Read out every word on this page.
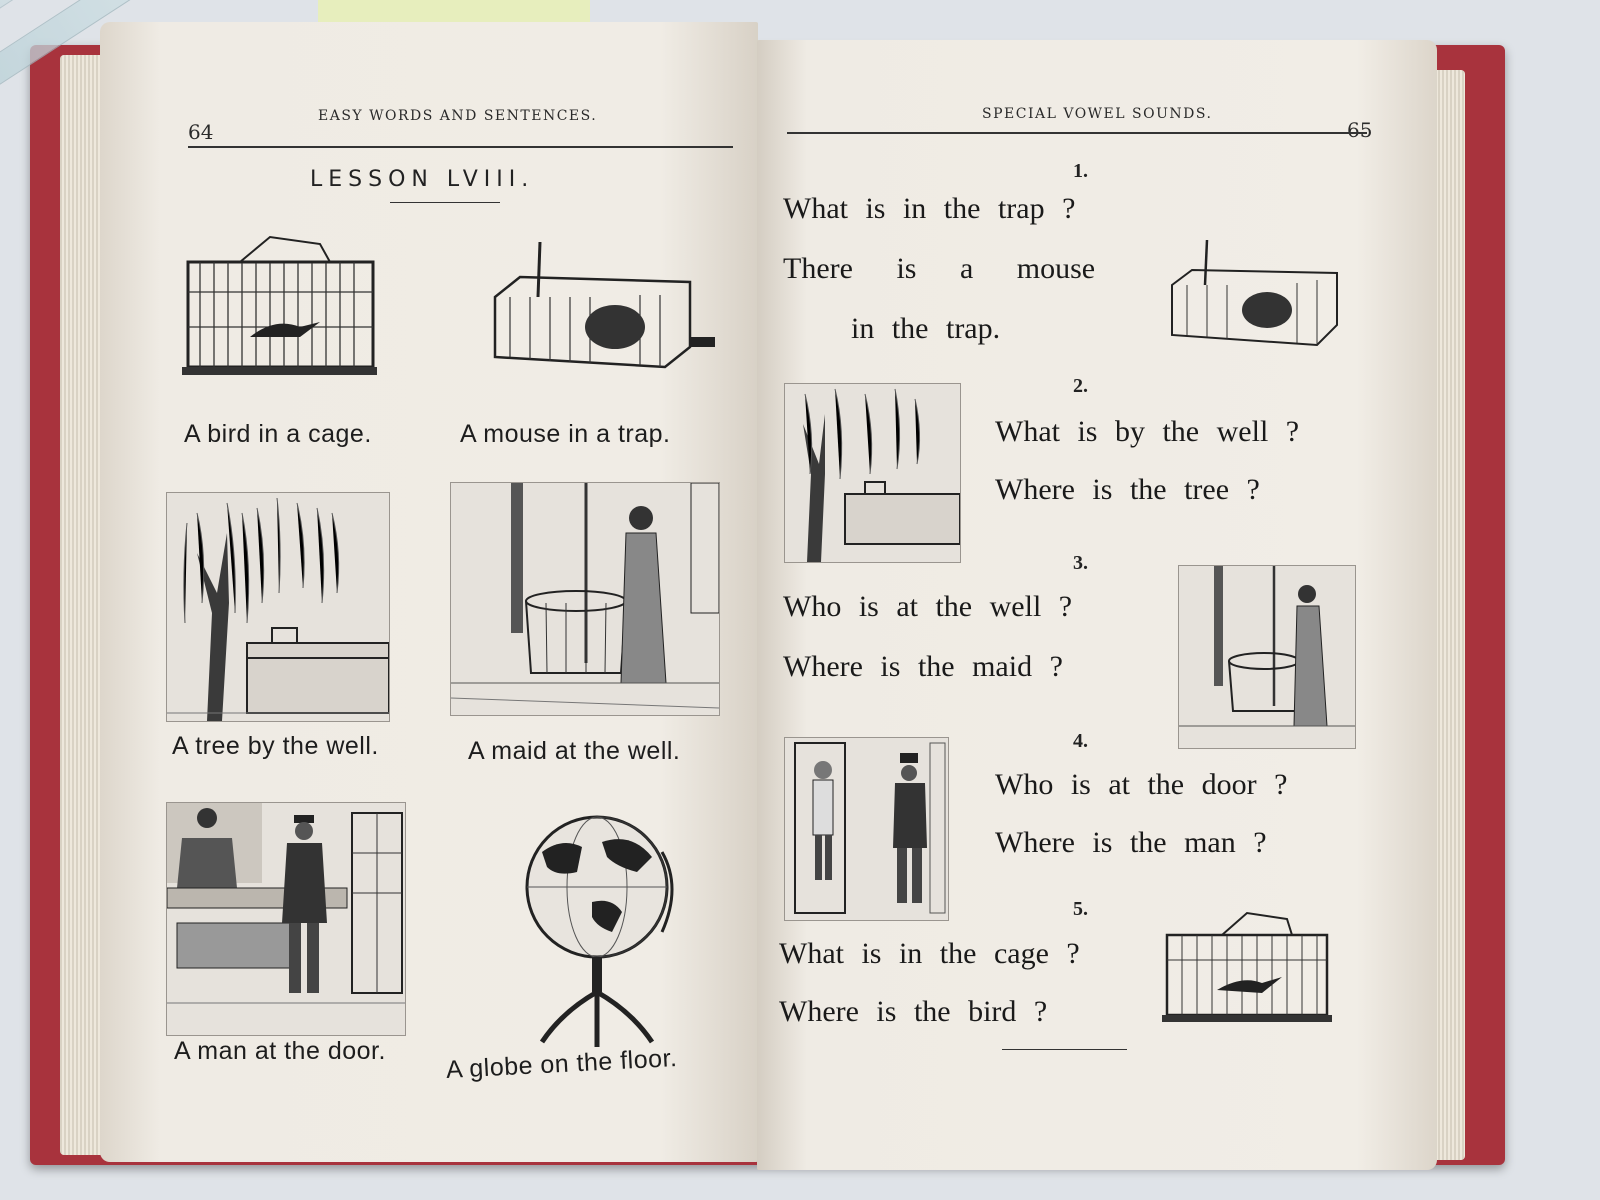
64
EASY WORDS AND SENTENCES.
LESSON LVIII.
A bird in a cage.	A mouse in a trap.
A tree by the well.	A maid at the well.
A man at the door. A globe on the floor.
SPECIAL VOWEL SOUNDS.
65
1.
What is in the trap ?
There is a mouse
in the trap.
2.
What is by the well ?
Where is the tree ?
3.
Who is at the well ?
Where is the maid ?
4.
Who is at the door ?
Where is the man ?
5.
What is in the cage ?
Where is the bird ?
